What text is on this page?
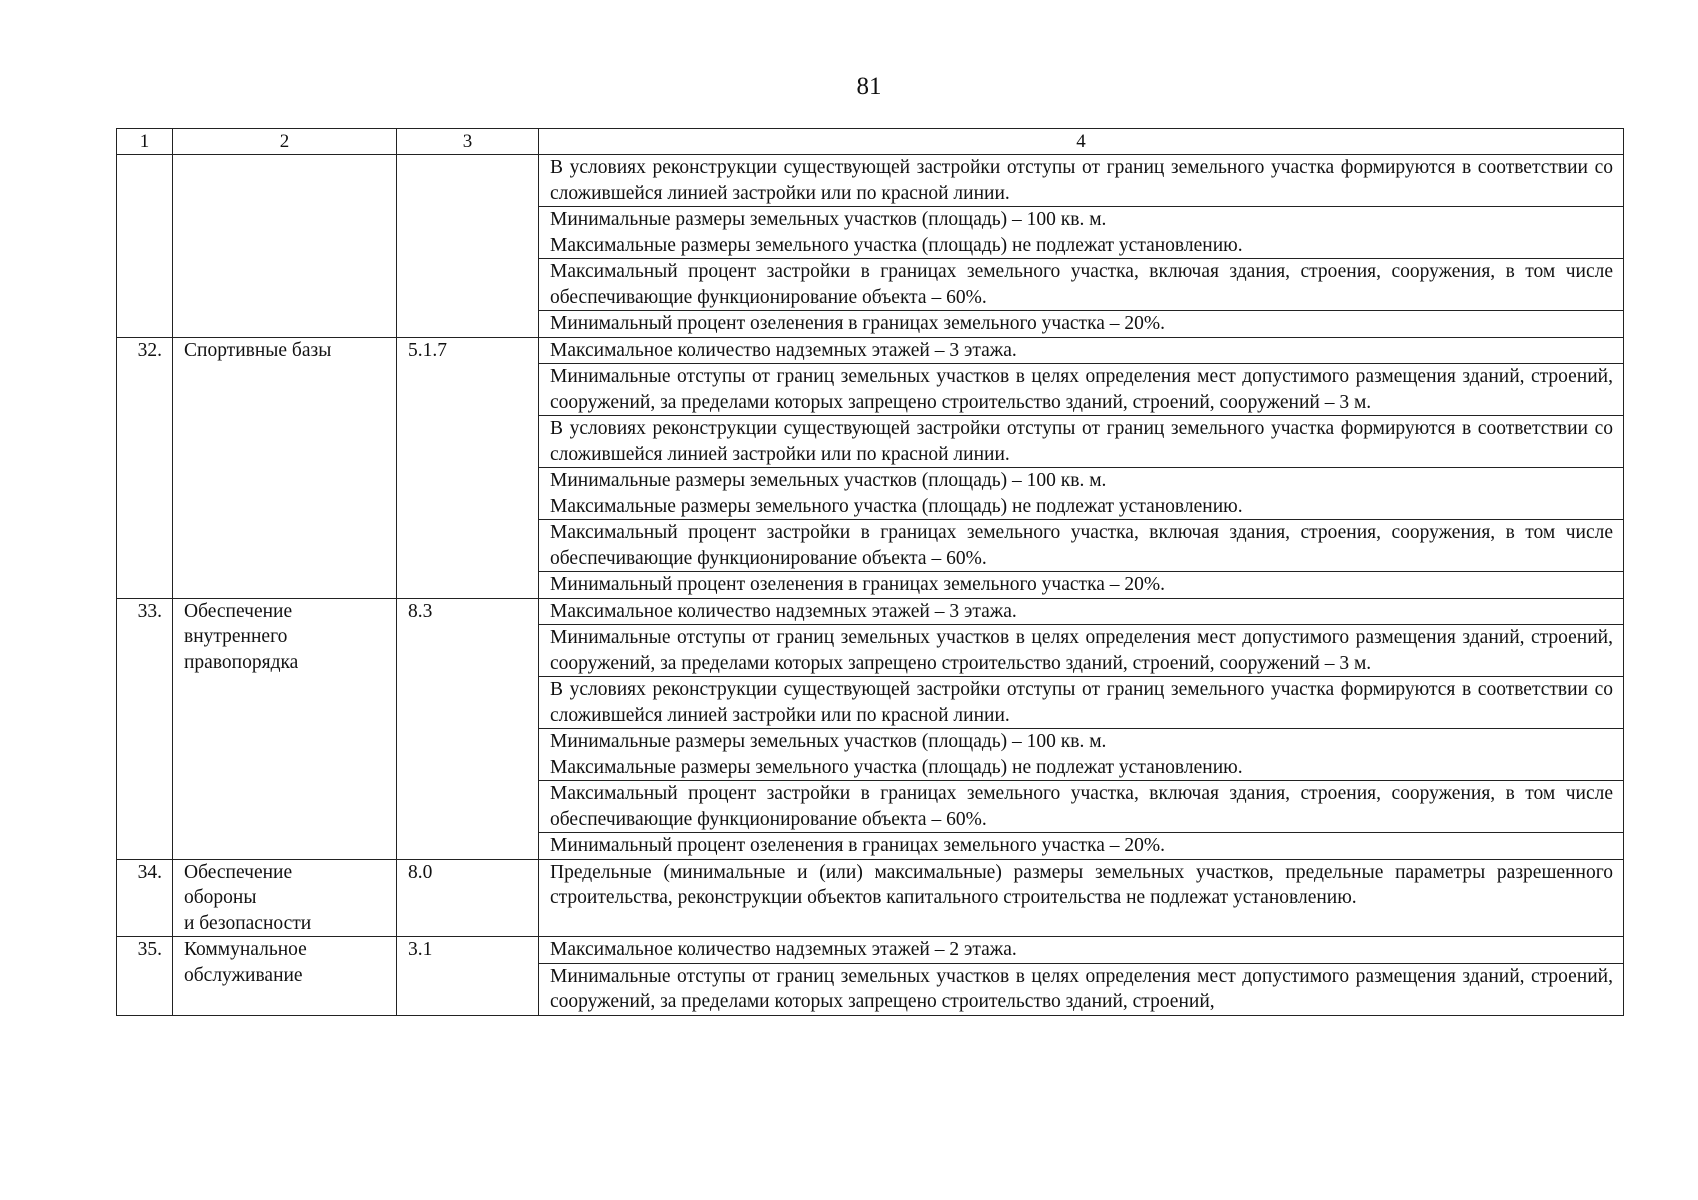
81
1	2	3	4

			В условиях реконструкции существующей застройки отступы от границ земельного участка формируются в соответствии со сложившейся линией застройки или по красной линии.

			Минимальные размеры земельных участков (площадь) – 100 кв. м.
Максимальные размеры земельного участка (площадь) не подлежат установлению.

			Максимальный процент застройки в границах земельного участка, включая здания, строения, сооружения, в том числе обеспечивающие функционирование объекта – 60%.

			Минимальный процент озеленения в границах земельного участка – 20%.

32.	Спортивные базы	5.1.7	Максимальное количество надземных этажей – 3 этажа.

			Минимальные отступы от границ земельных участков в целях определения мест допустимого размещения зданий, строений, сооружений, за пределами которых запрещено строительство зданий, строений, сооружений – 3 м.

			В условиях реконструкции существующей застройки отступы от границ земельного участка формируются в соответствии со сложившейся линией застройки или по красной линии.

			Минимальные размеры земельных участков (площадь) – 100 кв. м.
Максимальные размеры земельного участка (площадь) не подлежат установлению.

			Максимальный процент застройки в границах земельного участка, включая здания, строения, сооружения, в том числе обеспечивающие функционирование объекта – 60%.

			Минимальный процент озеленения в границах земельного участка – 20%.

33.	Обеспечение
внутреннего
правопорядка	8.3	Максимальное количество надземных этажей – 3 этажа.

			Минимальные отступы от границ земельных участков в целях определения мест допустимого размещения зданий, строений, сооружений, за пределами которых запрещено строительство зданий, строений, сооружений – 3 м.

			В условиях реконструкции существующей застройки отступы от границ земельного участка формируются в соответствии со сложившейся линией застройки или по красной линии.

			Минимальные размеры земельных участков (площадь) – 100 кв. м.
Максимальные размеры земельного участка (площадь) не подлежат установлению.

			Максимальный процент застройки в границах земельного участка, включая здания, строения, сооружения, в том числе обеспечивающие функционирование объекта – 60%.

			Минимальный процент озеленения в границах земельного участка – 20%.

34.	Обеспечение
обороны
и безопасности	8.0	Предельные (минимальные и (или) максимальные) размеры земельных участков, предельные параметры разрешенного строительства, реконструкции объектов капитального строительства не подлежат установлению.

35.	Коммунальное
обслуживание	3.1	Максимальное количество надземных этажей – 2 этажа.

			Минимальные отступы от границ земельных участков в целях определения мест допустимого размещения зданий, строений, сооружений, за пределами которых запрещено строительство зданий, строений,
